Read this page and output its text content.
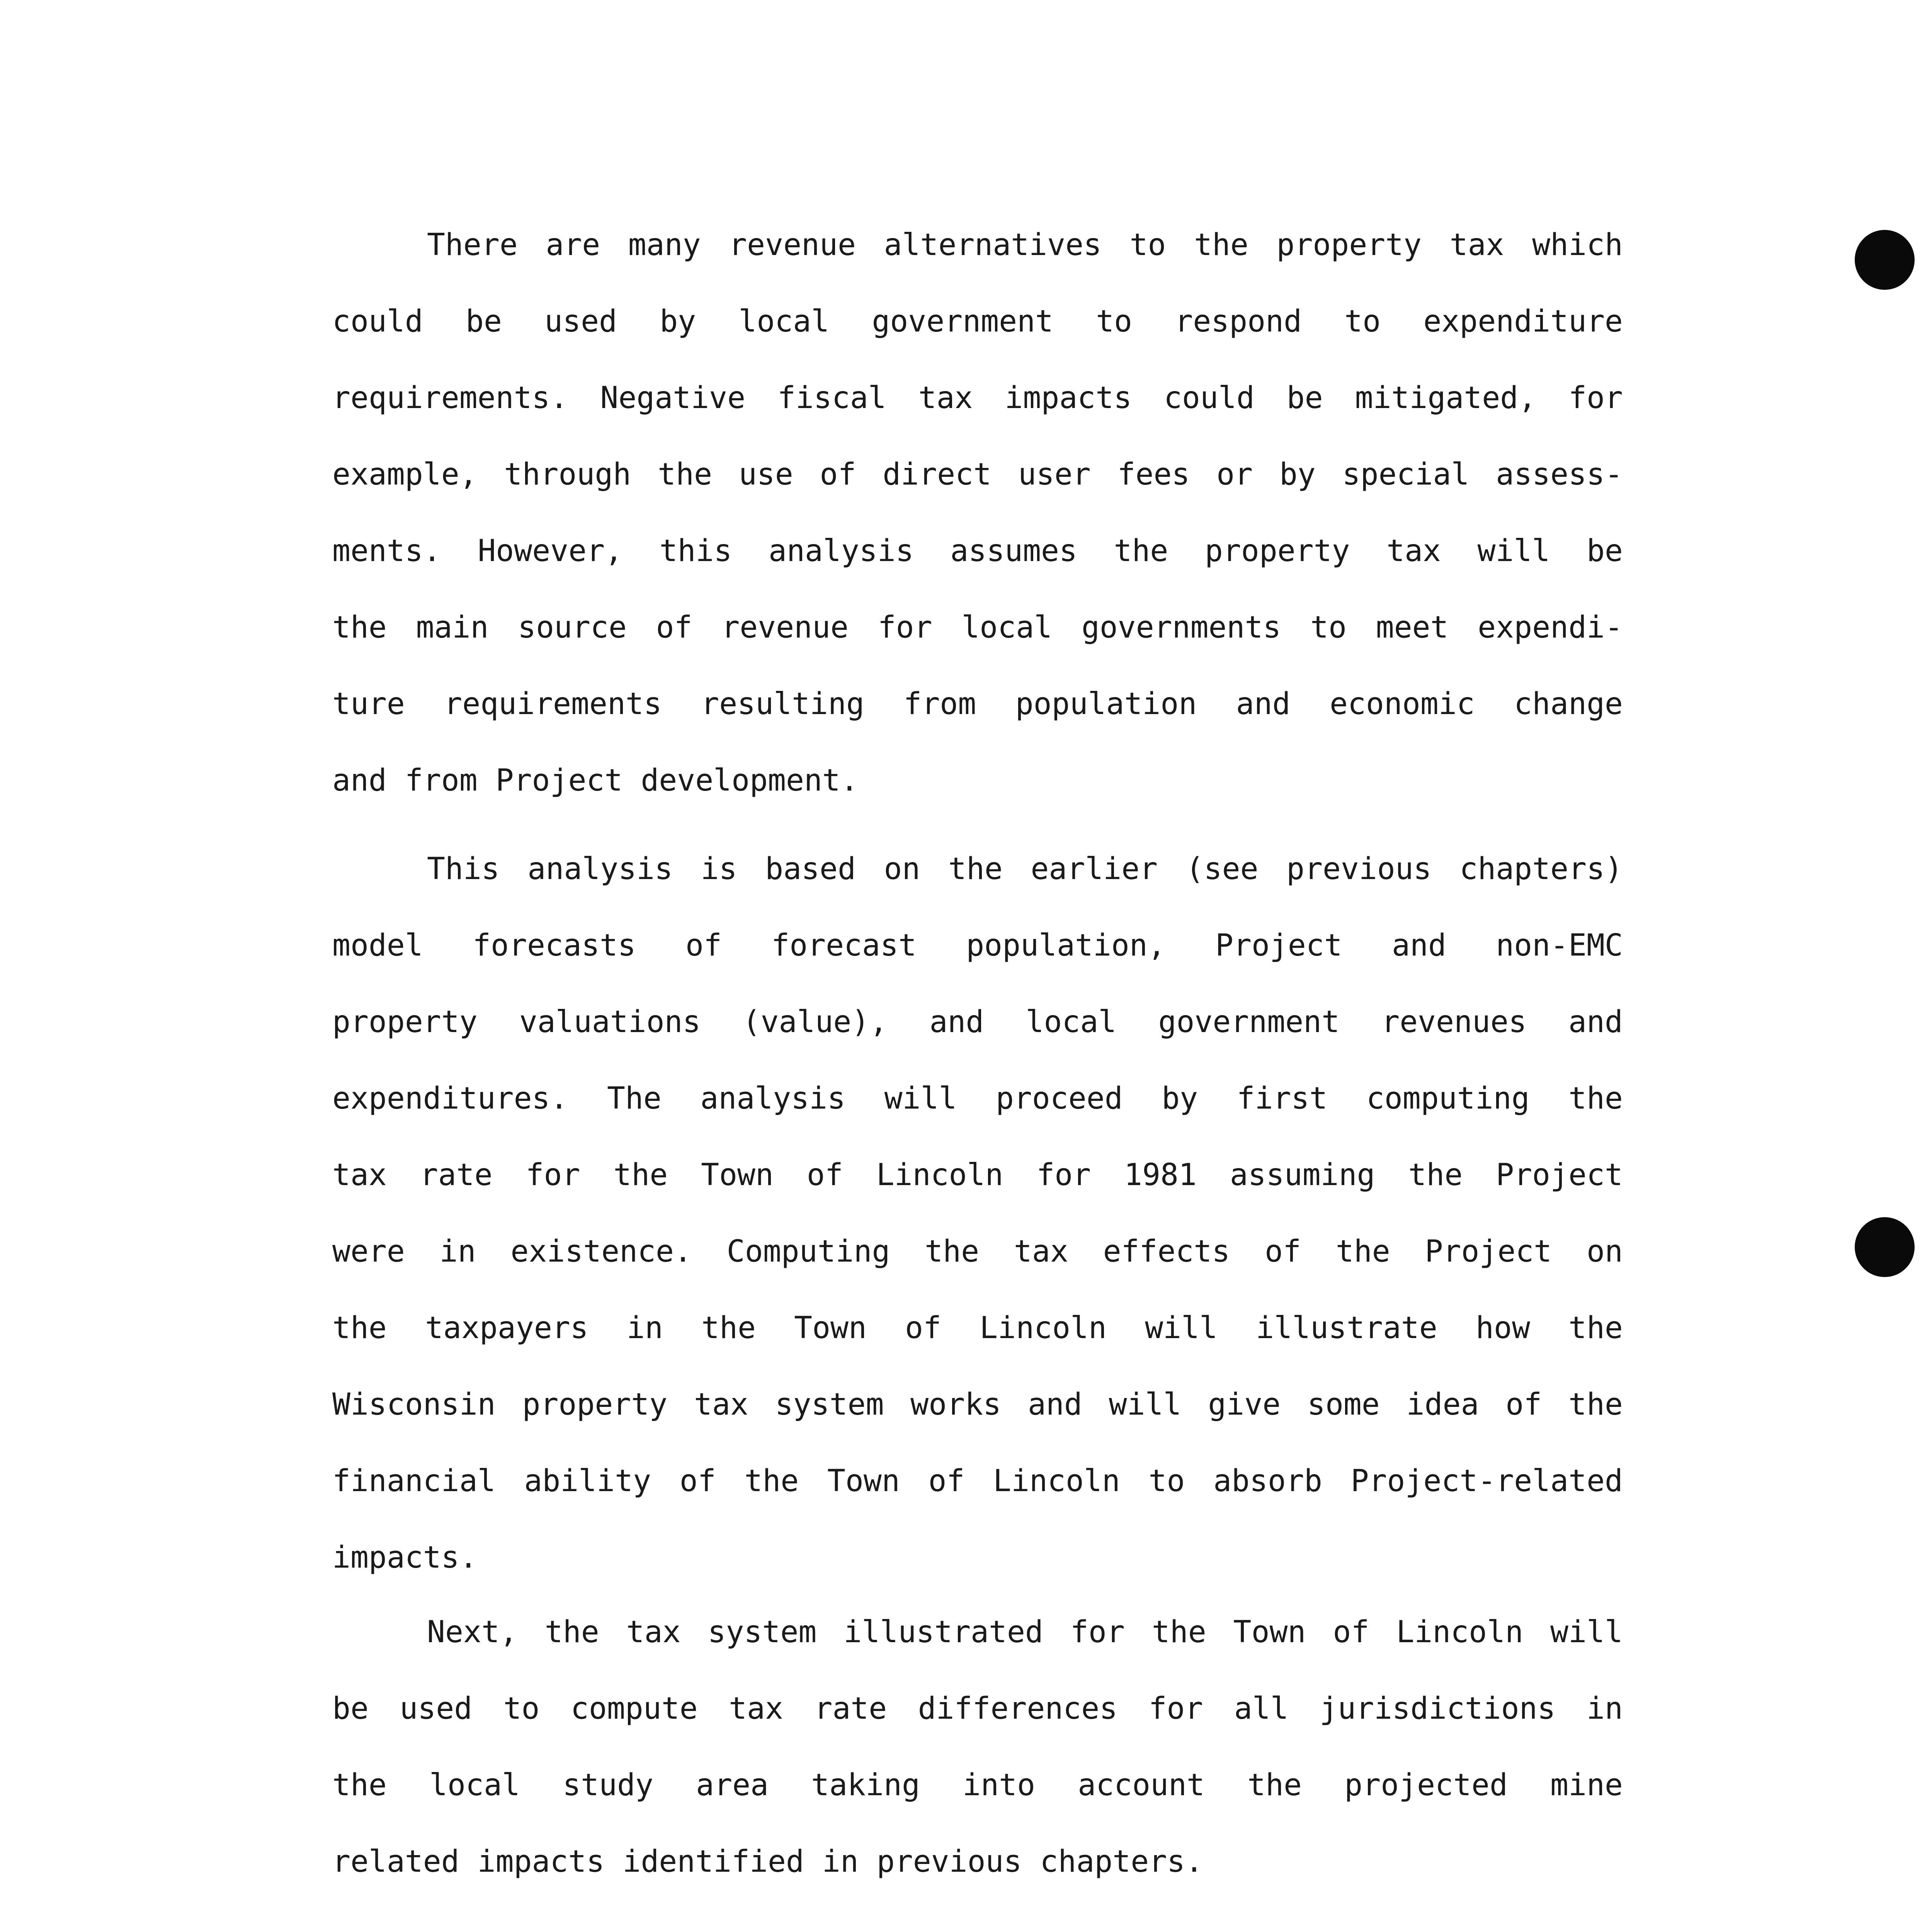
There are many revenue alternatives to the property tax which
could be used by local government to respond to expenditure
requirements. Negative fiscal tax impacts could be mitigated, for
example, through the use of direct user fees or by special assess-
ments. However, this analysis assumes the property tax will be
the main source of revenue for local governments to meet expendi-
ture requirements resulting from population and economic change
and from Project development.
This analysis is based on the earlier (see previous chapters)
model forecasts of forecast population, Project and non-EMC
property valuations (value), and local government revenues and
expenditures. The analysis will proceed by first computing the
tax rate for the Town of Lincoln for 1981 assuming the Project
were in existence. Computing the tax effects of the Project on
the taxpayers in the Town of Lincoln will illustrate how the
Wisconsin property tax system works and will give some idea of the
financial ability of the Town of Lincoln to absorb Project-related
impacts.
Next, the tax system illustrated for the Town of Lincoln will
be used to compute tax rate differences for all jurisdictions in
the local study area taking into account the projected mine
related impacts identified in previous chapters.
